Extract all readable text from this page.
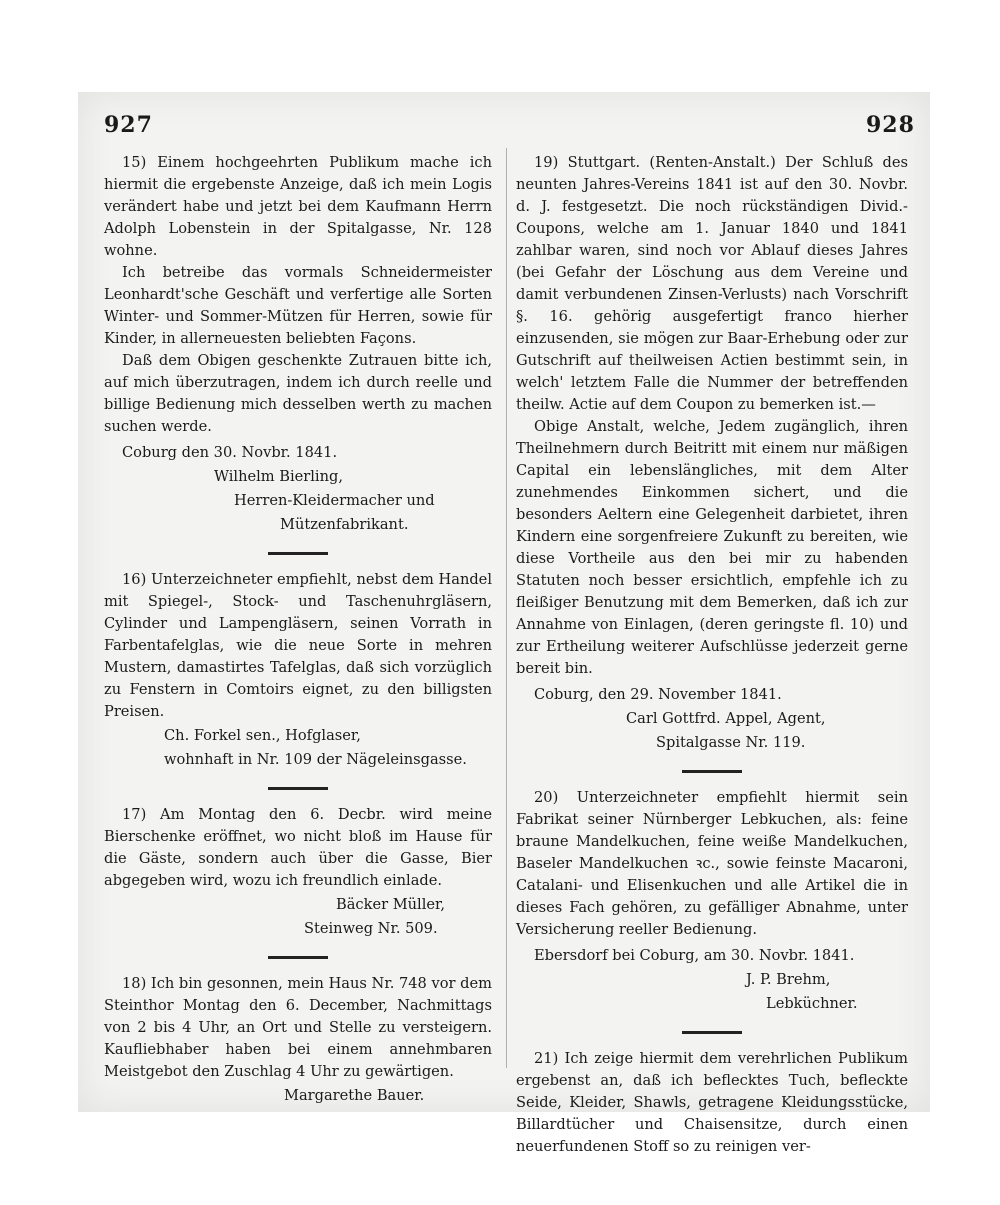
927	928

15) Einem hochgeehrten Publikum mache ich hiermit die ergebenste Anzeige, daß ich mein Logis verändert habe und jetzt bei dem Kaufmann Herrn Adolph Lobenstein in der Spitalgasse, Nr. 128 wohne.

Ich betreibe das vormals Schneidermeister Leonhardt'sche Geschäft und verfertige alle Sorten Winter- und Sommer-Mützen für Herren, sowie für Kinder, in allerneuesten beliebten Façons.

Daß dem Obigen geschenkte Zutrauen bitte ich, auf mich überzutragen, indem ich durch reelle und billige Bedienung mich desselben werth zu machen suchen werde.

Coburg den 30. Novbr. 1841.
Wilhelm Bierling,
Herren-Kleidermacher und
Mützenfabrikant.

16) Unterzeichneter empfiehlt, nebst dem Handel mit Spiegel-, Stock- und Taschenuhrgläsern, Cylinder und Lampengläsern, seinen Vorrath in Farbentafelglas, wie die neue Sorte in mehren Mustern, damastirtes Tafelglas, daß sich vorzüglich zu Fenstern in Comtoirs eignet, zu den billigsten Preisen.

Ch. Forkel sen., Hofglaser,
wohnhaft in Nr. 109 der Nägeleinsgasse.

17) Am Montag den 6. Decbr. wird meine Bierschenke eröffnet, wo nicht bloß im Hause für die Gäste, sondern auch über die Gasse, Bier abgegeben wird, wozu ich freundlich einlade.

Bäcker Müller,
Steinweg Nr. 509.

18) Ich bin gesonnen, mein Haus Nr. 748 vor dem Steinthor Montag den 6. December, Nachmittags von 2 bis 4 Uhr, an Ort und Stelle zu versteigern. Kaufliebhaber haben bei einem annehmbaren Meistgebot den Zuschlag 4 Uhr zu gewärtigen.

Margarethe Bauer.

19) Stuttgart. (Renten-Anstalt.) Der Schluß des neunten Jahres-Vereins 1841 ist auf den 30. Novbr. d. J. festgesetzt. Die noch rückständigen Divid.-Coupons, welche am 1. Januar 1840 und 1841 zahlbar waren, sind noch vor Ablauf dieses Jahres (bei Gefahr der Löschung aus dem Vereine und damit verbundenen Zinsen-Verlusts) nach Vorschrift §. 16. gehörig ausgefertigt franco hierher einzusenden, sie mögen zur Baar-Erhebung oder zur Gutschrift auf theilweisen Actien bestimmt sein, in welch' letztem Falle die Nummer der betreffenden theilw. Actie auf dem Coupon zu bemerken ist.—

Obige Anstalt, welche, Jedem zugänglich, ihren Theilnehmern durch Beitritt mit einem nur mäßigen Capital ein lebenslängliches, mit dem Alter zunehmendes Einkommen sichert, und die besonders Aeltern eine Gelegenheit darbietet, ihren Kindern eine sorgenfreiere Zukunft zu bereiten, wie diese Vortheile aus den bei mir zu habenden Statuten noch besser ersichtlich, empfehle ich zu fleißiger Benutzung mit dem Bemerken, daß ich zur Annahme von Einlagen, (deren geringste fl. 10) und zur Ertheilung weiterer Aufschlüsse jederzeit gerne bereit bin.

Coburg, den 29. November 1841.
Carl Gottfrd. Appel, Agent,
Spitalgasse Nr. 119.

20) Unterzeichneter empfiehlt hiermit sein Fabrikat seiner Nürnberger Lebkuchen, als: feine braune Mandelkuchen, feine weiße Mandelkuchen, Baseler Mandelkuchen ꝛc., sowie feinste Macaroni, Catalani- und Elisenkuchen und alle Artikel die in dieses Fach gehören, zu gefälliger Abnahme, unter Versicherung reeller Bedienung.

Ebersdorf bei Coburg, am 30. Novbr. 1841.
J. P. Brehm,
Lebküchner.

21) Ich zeige hiermit dem verehrlichen Publikum ergebenst an, daß ich beflecktes Tuch, befleckte Seide, Kleider, Shawls, getragene Kleidungsstücke, Billardtücher und Chaisensitze, durch einen neuerfundenen Stoff so zu reinigen ver-
